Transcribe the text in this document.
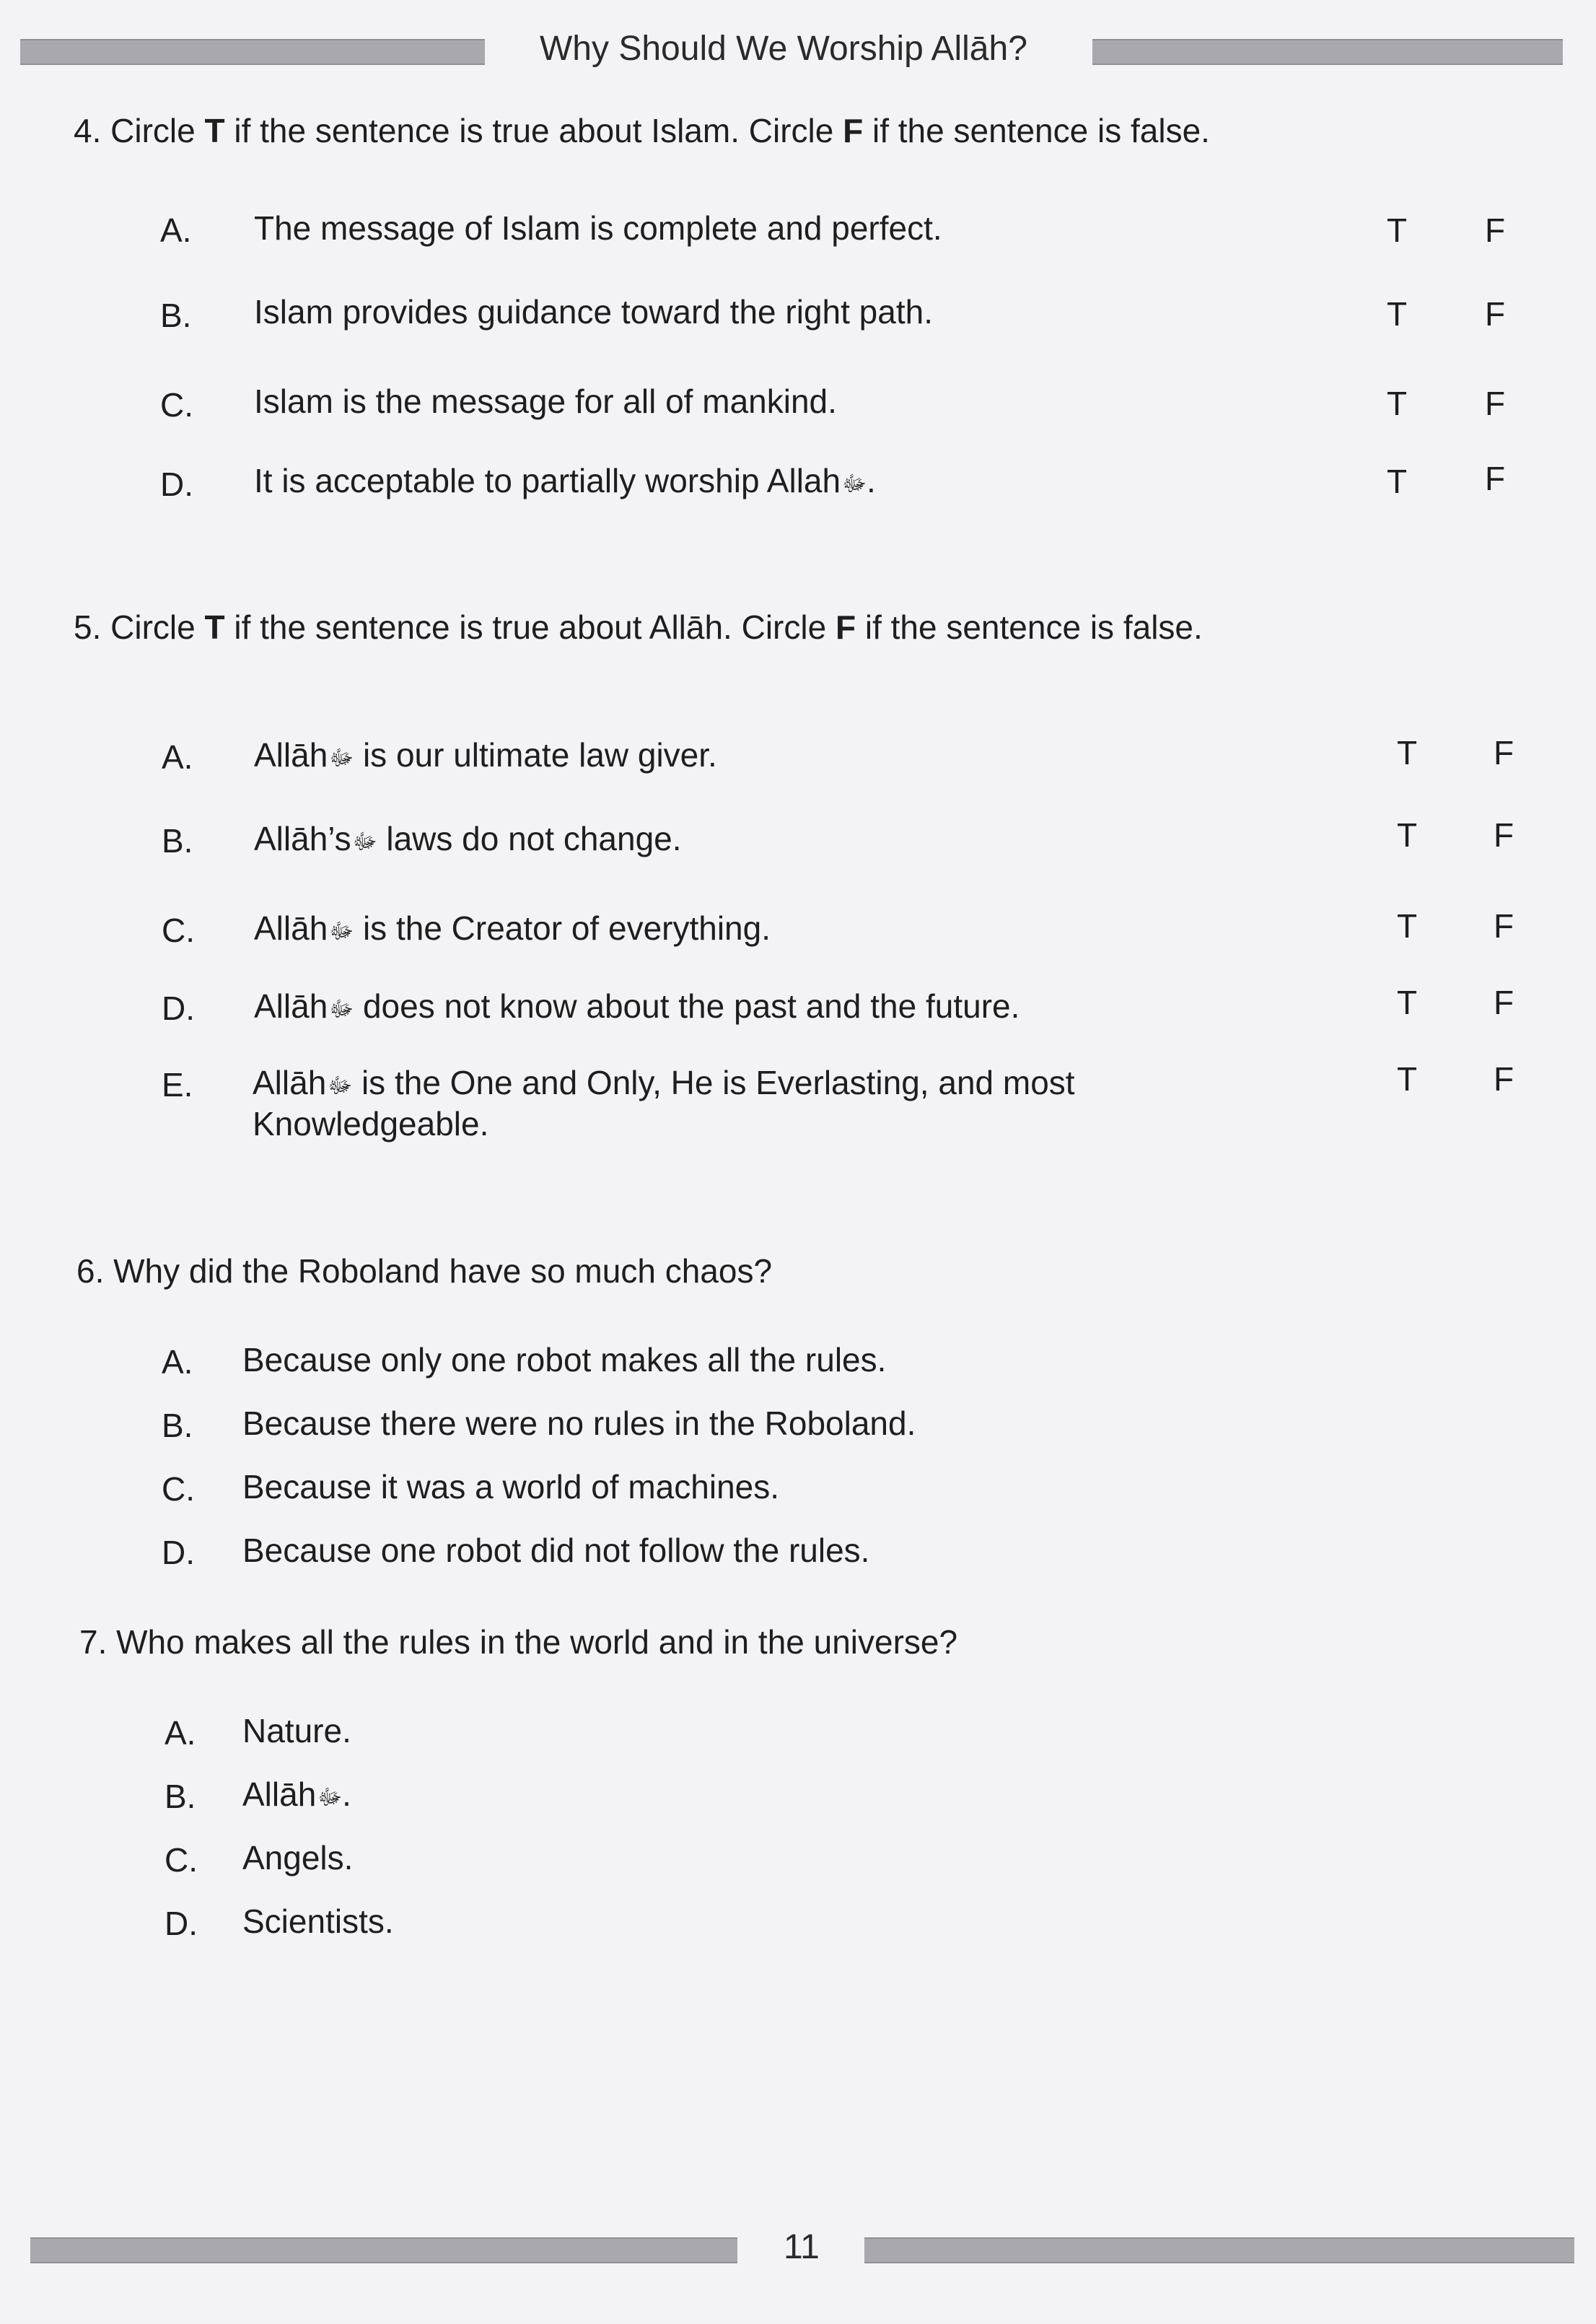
Why Should We Worship Allāh?
4. Circle T if the sentence is true about Islam. Circle F if the sentence is false.
A. The message of Islam is complete and perfect.	T F
B. Islam provides guidance toward the right path.	T F
C. Islam is the message for all of mankind.	T F
D. It is acceptable to partially worship Allahﷻ.	T F
5. Circle T if the sentence is true about Allāh. Circle F if the sentence is false.
A. Allāhﷻ is our ultimate law giver.	T F
B. Allāh’sﷻ laws do not change.	T F
C. Allāhﷻ is the Creator of everything.	T F
D. Allāhﷻ does not know about the past and the future.	T F
E. Allāhﷻ is the One and Only, He is Everlasting, and most
Knowledgeable.
T F
6. Why did the Roboland have so much chaos?
A. Because only one robot makes all the rules.
B. Because there were no rules in the Roboland.
C. Because it was a world of machines.
D. Because one robot did not follow the rules.
7. Who makes all the rules in the world and in the universe?
A. Nature.
B. Allāhﷻ.
C. Angels.
D. Scientists.
11
